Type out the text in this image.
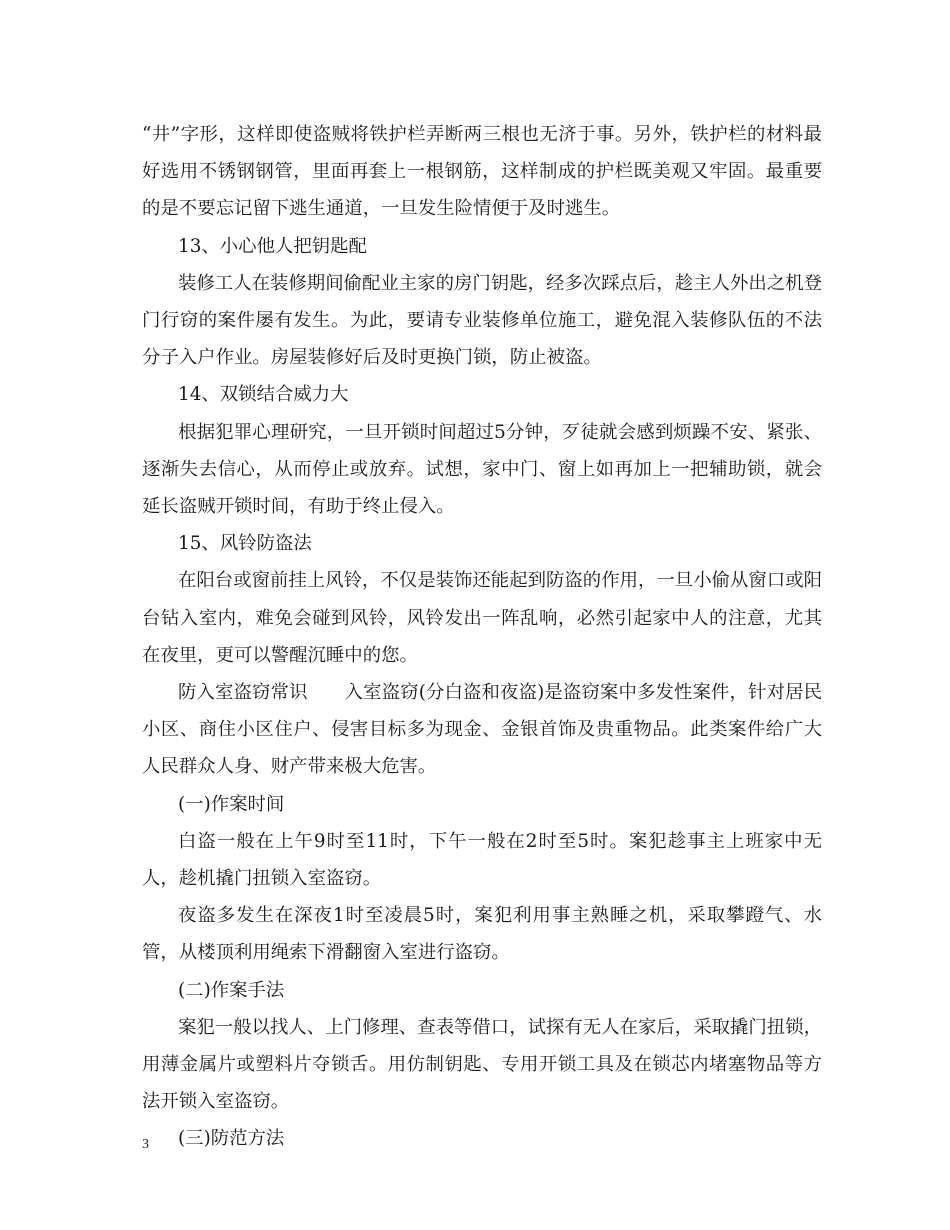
“井”字形，这样即使盗贼将铁护栏弄断两三根也无济于事。另外，铁护栏的材料最好选用不锈钢钢管，里面再套上一根钢筋，这样制成的护栏既美观又牢固。最重要的是不要忘记留下逃生通道，一旦发生险情便于及时逃生。

13、小心他人把钥匙配

装修工人在装修期间偷配业主家的房门钥匙，经多次踩点后，趁主人外出之机登门行窃的案件屡有发生。为此，要请专业装修单位施工，避免混入装修队伍的不法分子入户作业。房屋装修好后及时更换门锁，防止被盗。

14、双锁结合威力大

根据犯罪心理研究，一旦开锁时间超过5分钟，歹徒就会感到烦躁不安、紧张、逐渐失去信心，从而停止或放弃。试想，家中门、窗上如再加上一把辅助锁，就会延长盗贼开锁时间，有助于终止侵入。

15、风铃防盗法

在阳台或窗前挂上风铃，不仅是装饰还能起到防盗的作用，一旦小偷从窗口或阳台钻入室内，难免会碰到风铃，风铃发出一阵乱响，必然引起家中人的注意，尤其在夜里，更可以警醒沉睡中的您。

防入室盗窃常识　　入室盗窃(分白盗和夜盗)是盗窃案中多发性案件，针对居民小区、商住小区住户、侵害目标多为现金、金银首饰及贵重物品。此类案件给广大人民群众人身、财产带来极大危害。

(一)作案时间

白盗一般在上午9时至11时，下午一般在2时至5时。案犯趁事主上班家中无人，趁机撬门扭锁入室盗窃。

夜盗多发生在深夜1时至凌晨5时，案犯利用事主熟睡之机，采取攀蹬气、水管，从楼顶利用绳索下滑翻窗入室进行盗窃。

(二)作案手法

案犯一般以找人、上门修理、查表等借口，试探有无人在家后，采取撬门扭锁，用薄金属片或塑料片夺锁舌。用仿制钥匙、专用开锁工具及在锁芯内堵塞物品等方法开锁入室盗窃。

(三)防范方法

3
